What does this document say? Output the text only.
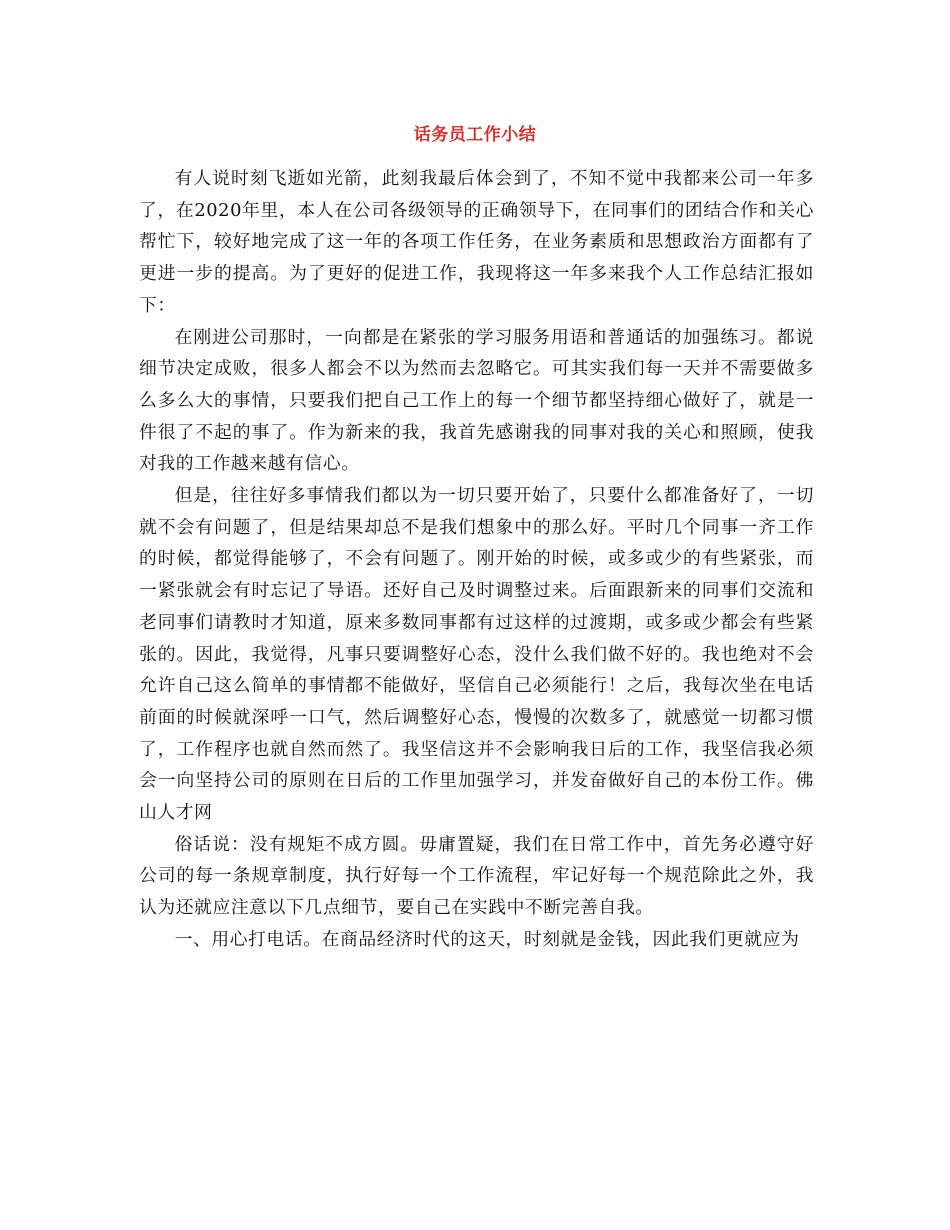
话务员工作小结

有人说时刻飞逝如光箭，此刻我最后体会到了，不知不觉中我都来公司一年多了，在2020年里，本人在公司各级领导的正确领导下，在同事们的团结合作和关心帮忙下，较好地完成了这一年的各项工作任务，在业务素质和思想政治方面都有了更进一步的提高。为了更好的促进工作，我现将这一年多来我个人工作总结汇报如下：

在刚进公司那时，一向都是在紧张的学习服务用语和普通话的加强练习。都说细节决定成败，很多人都会不以为然而去忽略它。可其实我们每一天并不需要做多么多么大的事情，只要我们把自己工作上的每一个细节都坚持细心做好了，就是一件很了不起的事了。作为新来的我，我首先感谢我的同事对我的关心和照顾，使我对我的工作越来越有信心。

但是，往往好多事情我们都以为一切只要开始了，只要什么都准备好了，一切就不会有问题了，但是结果却总不是我们想象中的那么好。平时几个同事一齐工作的时候，都觉得能够了，不会有问题了。刚开始的时候，或多或少的有些紧张，而一紧张就会有时忘记了导语。还好自己及时调整过来。后面跟新来的同事们交流和老同事们请教时才知道，原来多数同事都有过这样的过渡期，或多或少都会有些紧张的。因此，我觉得，凡事只要调整好心态，没什么我们做不好的。我也绝对不会允许自己这么简单的事情都不能做好，坚信自己必须能行！之后，我每次坐在电话前面的时候就深呼一口气，然后调整好心态，慢慢的次数多了，就感觉一切都习惯了，工作程序也就自然而然了。我坚信这并不会影响我日后的工作，我坚信我必须会一向坚持公司的原则在日后的工作里加强学习，并发奋做好自己的本份工作。佛山人才网

俗话说：没有规矩不成方圆。毋庸置疑，我们在日常工作中，首先务必遵守好公司的每一条规章制度，执行好每一个工作流程，牢记好每一个规范除此之外，我认为还就应注意以下几点细节，要自己在实践中不断完善自我。

一、用心打电话。在商品经济时代的这天，时刻就是金钱，因此我们更就应为
